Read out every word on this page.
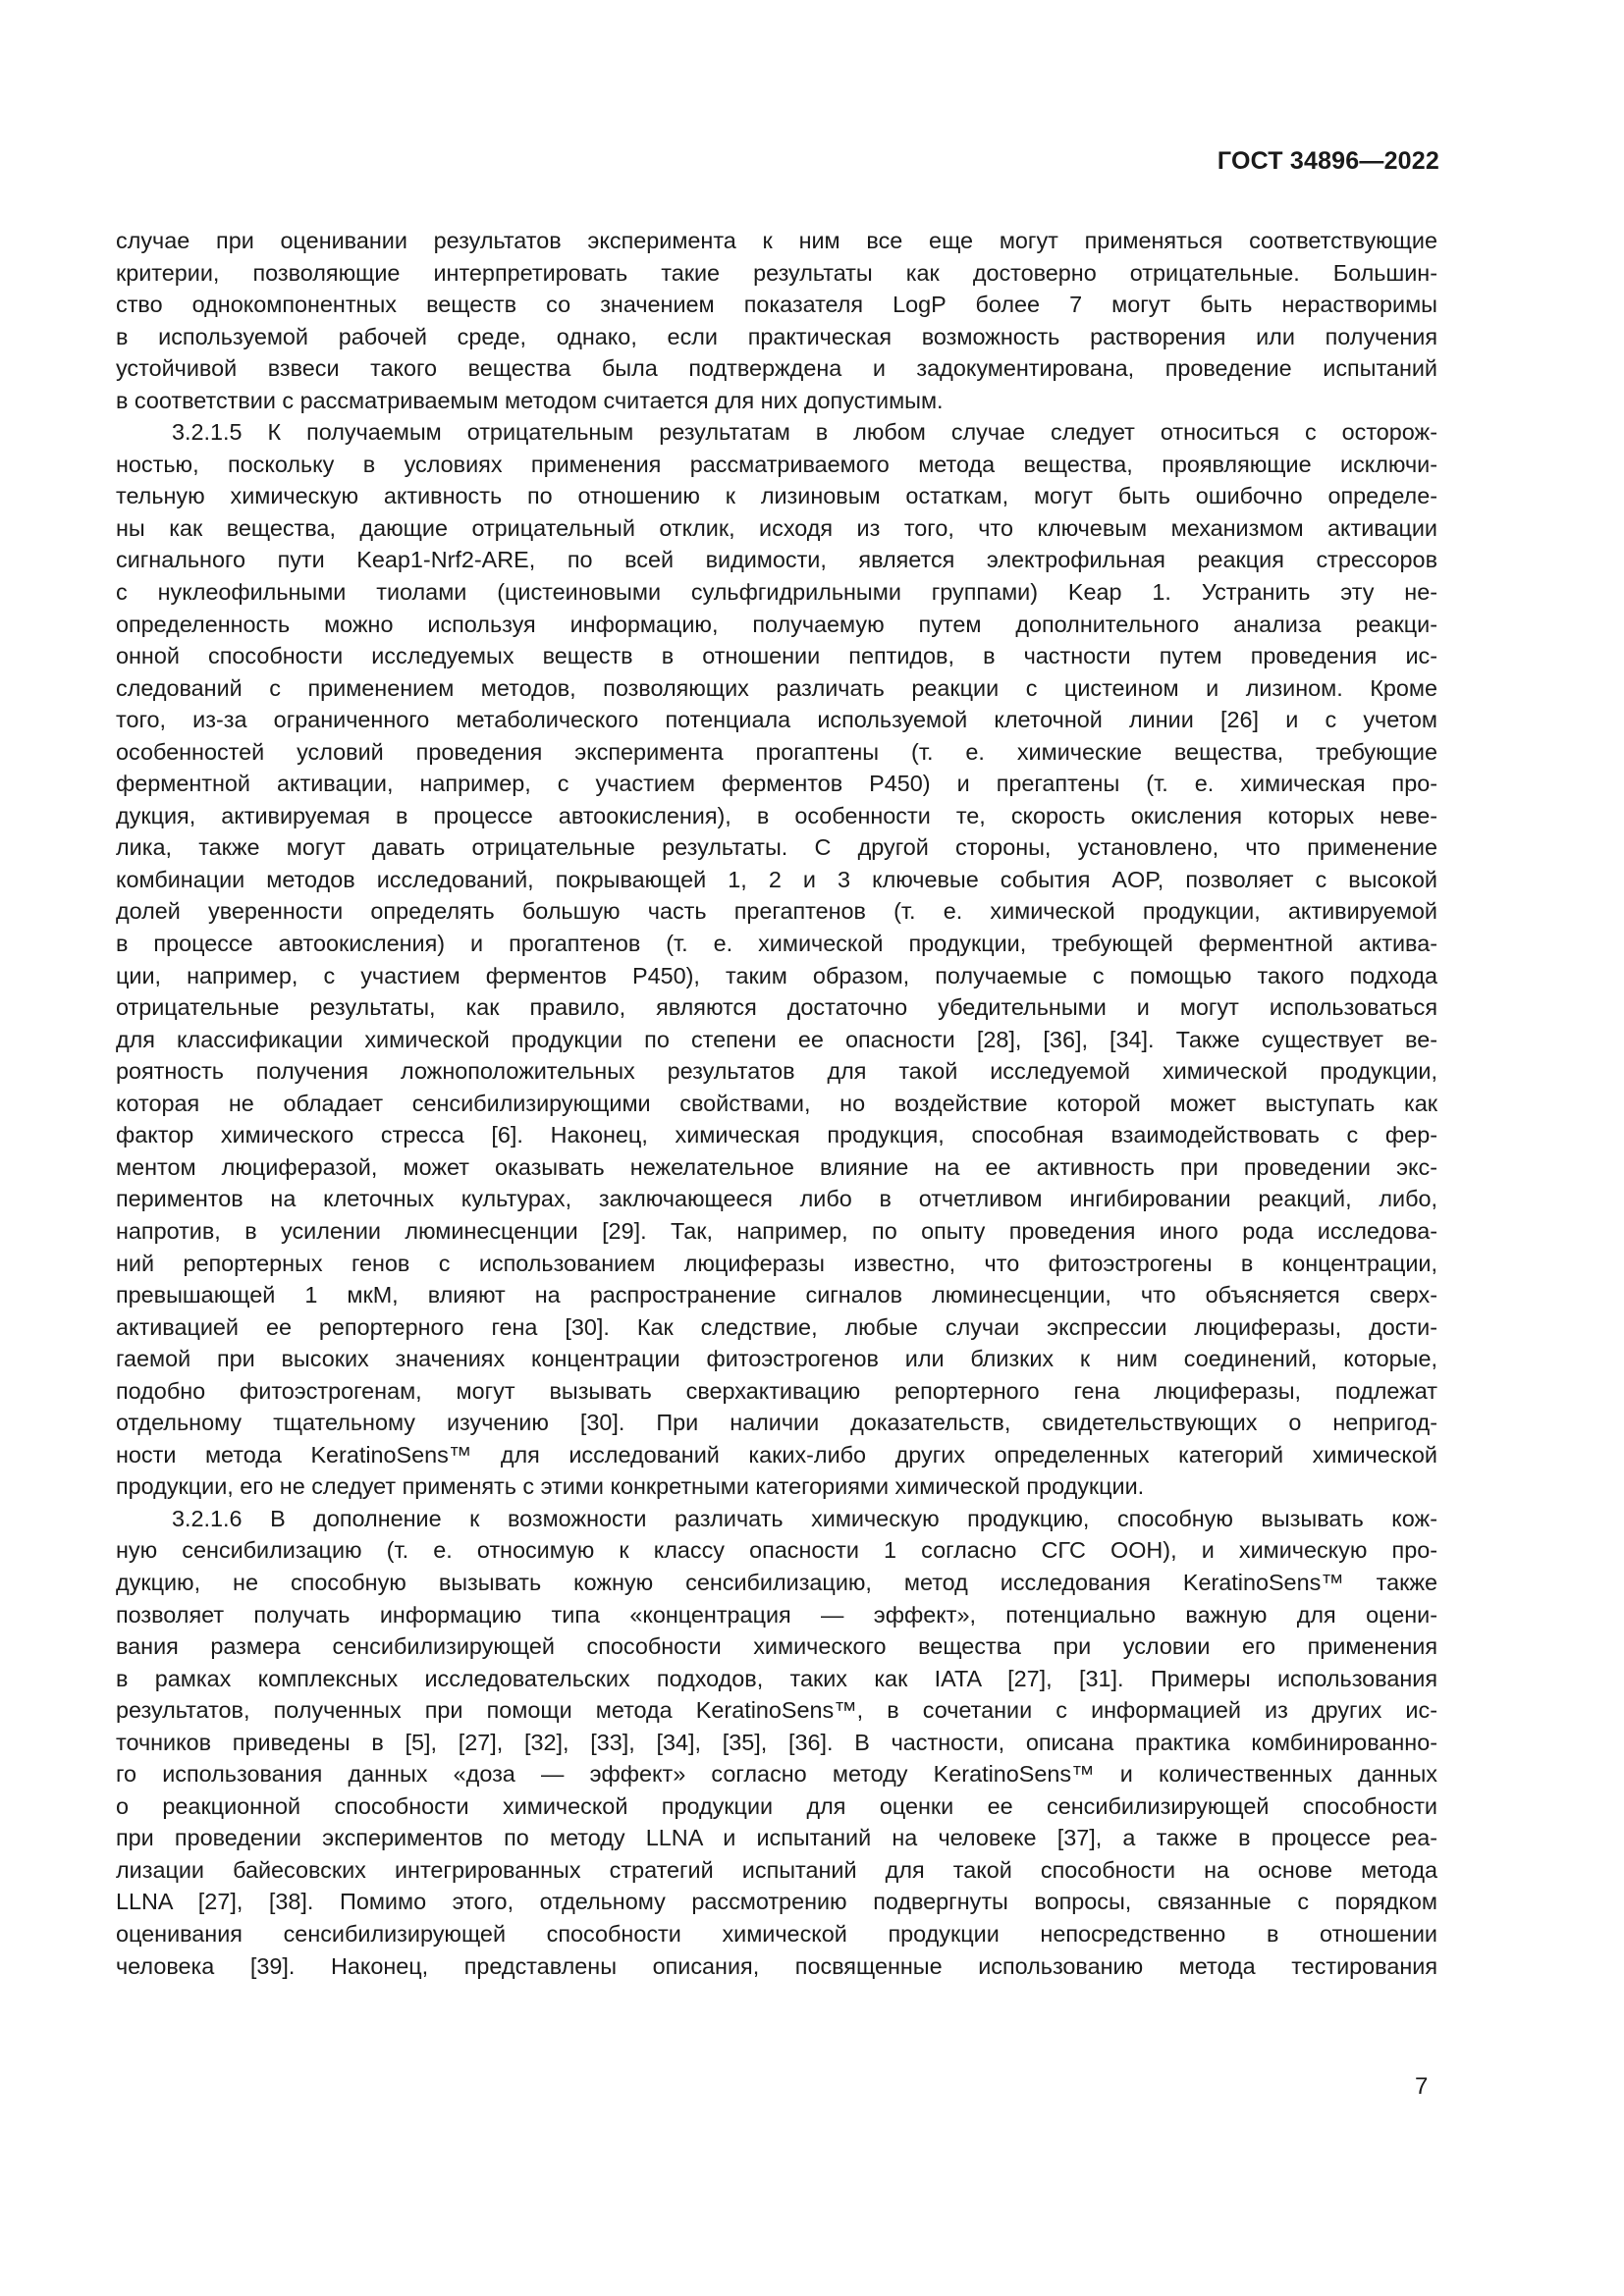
ГОСТ 34896—2022
случае при оценивании результатов эксперимента к ним все еще могут применяться соответствующие
критерии, позволяющие интерпретировать такие результаты как достоверно отрицательные. Большин-
ство однокомпонентных веществ со значением показателя LogP более 7 могут быть нерастворимы
в используемой рабочей среде, однако, если практическая возможность растворения или получения
устойчивой взвеси такого вещества была подтверждена и задокументирована, проведение испытаний
в соответствии с рассматриваемым методом считается для них допустимым.
3.2.1.5 К получаемым отрицательным результатам в любом случае следует относиться с осторож-
ностью, поскольку в условиях применения рассматриваемого метода вещества, проявляющие исключи-
тельную химическую активность по отношению к лизиновым остаткам, могут быть ошибочно определе-
ны как вещества, дающие отрицательный отклик, исходя из того, что ключевым механизмом активации
сигнального пути Keap1-Nrf2-ARE, по всей видимости, является электрофильная реакция стрессоров
с нуклеофильными тиолами (цистеиновыми сульфгидрильными группами) Keap 1. Устранить эту не-
определенность можно используя информацию, получаемую путем дополнительного анализа реакци-
онной способности исследуемых веществ в отношении пептидов, в частности путем проведения ис-
следований с применением методов, позволяющих различать реакции с цистеином и лизином. Кроме
того, из-за ограниченного метаболического потенциала используемой клеточной линии [26] и с учетом
особенностей условий проведения эксперимента прогаптены (т. е. химические вещества, требующие
ферментной активации, например, с участием ферментов P450) и прегаптены (т. е. химическая про-
дукция, активируемая в процессе автоокисления), в особенности те, скорость окисления которых неве-
лика, также могут давать отрицательные результаты. С другой стороны, установлено, что применение
комбинации методов исследований, покрывающей 1, 2 и 3 ключевые события AOP, позволяет с высокой
долей уверенности определять большую часть прегаптенов (т. е. химической продукции, активируемой
в процессе автоокисления) и прогаптенов (т. е. химической продукции, требующей ферментной актива-
ции, например, с участием ферментов P450), таким образом, получаемые с помощью такого подхода
отрицательные результаты, как правило, являются достаточно убедительными и могут использоваться
для классификации химической продукции по степени ее опасности [28], [36], [34]. Также существует ве-
роятность получения ложноположительных результатов для такой исследуемой химической продукции,
которая не обладает сенсибилизирующими свойствами, но воздействие которой может выступать как
фактор химического стресса [6]. Наконец, химическая продукция, способная взаимодействовать с фер-
ментом люциферазой, может оказывать нежелательное влияние на ее активность при проведении экс-
периментов на клеточных культурах, заключающееся либо в отчетливом ингибировании реакций, либо,
напротив, в усилении люминесценции [29]. Так, например, по опыту проведения иного рода исследова-
ний репортерных генов с использованием люциферазы известно, что фитоэстрогены в концентрации,
превышающей 1 мкМ, влияют на распространение сигналов люминесценции, что объясняется сверх-
активацией ее репортерного гена [30]. Как следствие, любые случаи экспрессии люциферазы, дости-
гаемой при высоких значениях концентрации фитоэстрогенов или близких к ним соединений, которые,
подобно фитоэстрогенам, могут вызывать сверхактивацию репортерного гена люциферазы, подлежат
отдельному тщательному изучению [30]. При наличии доказательств, свидетельствующих о непригод-
ности метода KeratinoSens™ для исследований каких-либо других определенных категорий химической
продукции, его не следует применять с этими конкретными категориями химической продукции.
3.2.1.6 В дополнение к возможности различать химическую продукцию, способную вызывать кож-
ную сенсибилизацию (т. е. относимую к классу опасности 1 согласно СГС ООН), и химическую про-
дукцию, не способную вызывать кожную сенсибилизацию, метод исследования KeratinoSens™ также
позволяет получать информацию типа «концентрация — эффект», потенциально важную для оцени-
вания размера сенсибилизирующей способности химического вещества при условии его применения
в рамках комплексных исследовательских подходов, таких как IATA [27], [31]. Примеры использования
результатов, полученных при помощи метода KeratinoSens™, в сочетании с информацией из других ис-
точников приведены в [5], [27], [32], [33], [34], [35], [36]. В частности, описана практика комбинированно-
го использования данных «доза — эффект» согласно методу KeratinoSens™ и количественных данных
о реакционной способности химической продукции для оценки ее сенсибилизирующей способности
при проведении экспериментов по методу LLNA и испытаний на человеке [37], а также в процессе реа-
лизации байесовских интегрированных стратегий испытаний для такой способности на основе метода
LLNA [27], [38]. Помимо этого, отдельному рассмотрению подвергнуты вопросы, связанные с порядком
оценивания сенсибилизирующей способности химической продукции непосредственно в отношении
человека [39]. Наконец, представлены описания, посвященные использованию метода тестирования
7
